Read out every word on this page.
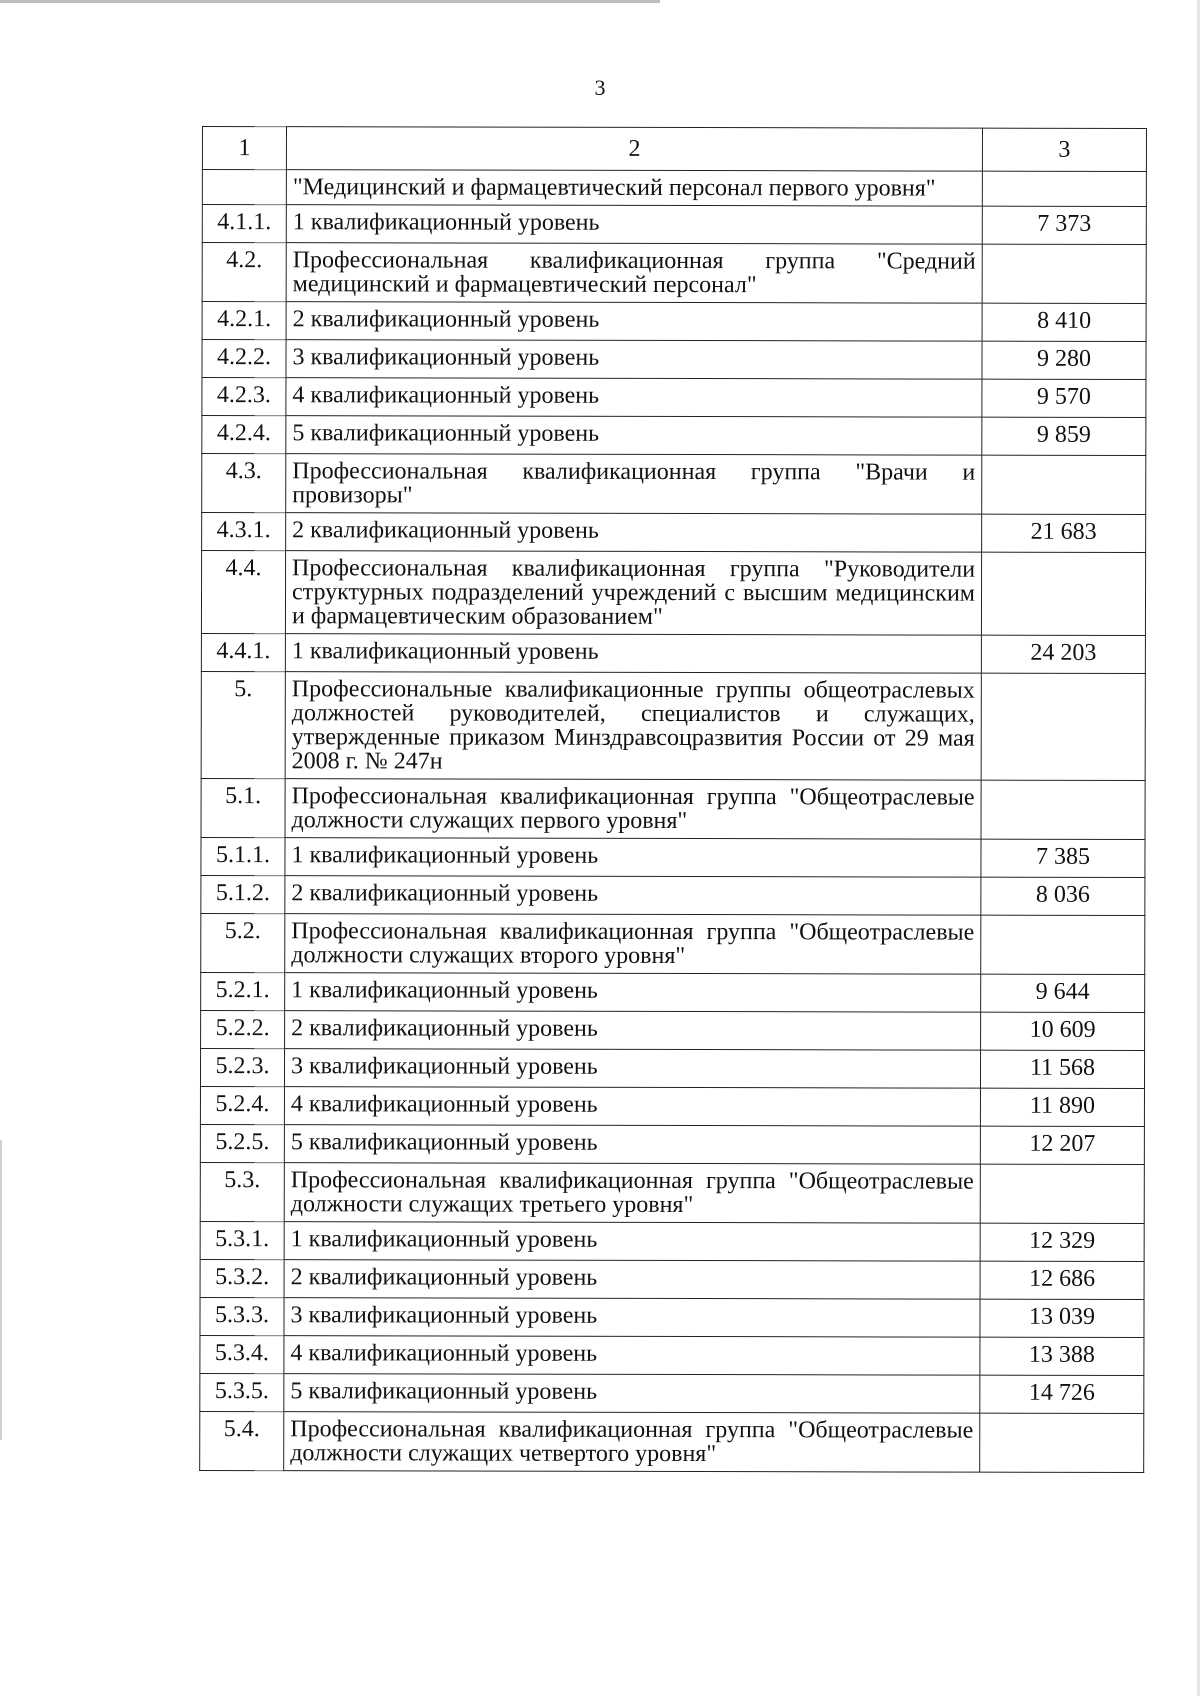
3
1	2	3
	"Медицинский и фармацевтический персонал первого уровня"	
4.1.1.	1 квалификационный уровень	7 373
4.2.	Профессиональная квалификационная группа "Средний медицинский и фармацевтический персонал"	
4.2.1.	2 квалификационный уровень	8 410
4.2.2.	3 квалификационный уровень	9 280
4.2.3.	4 квалификационный уровень	9 570
4.2.4.	5 квалификационный уровень	9 859
4.3.	Профессиональная квалификационная группа "Врачи и провизоры"	
4.3.1.	2 квалификационный уровень	21 683
4.4.	Профессиональная квалификационная группа "Руководители структурных подразделений учреждений с высшим медицинским и фармацевтическим образованием"	
4.4.1.	1 квалификационный уровень	24 203
5.	Профессиональные квалификационные группы общеотраслевых должностей руководителей, специалистов и служащих, утвержденные приказом Минздравсоцразвития России от 29 мая 2008 г. № 247н	
5.1.	Профессиональная квалификационная группа "Общеотраслевые должности служащих первого уровня"	
5.1.1.	1 квалификационный уровень	7 385
5.1.2.	2 квалификационный уровень	8 036
5.2.	Профессиональная квалификационная группа "Общеотраслевые должности служащих второго уровня"	
5.2.1.	1 квалификационный уровень	9 644
5.2.2.	2 квалификационный уровень	10 609
5.2.3.	3 квалификационный уровень	11 568
5.2.4.	4 квалификационный уровень	11 890
5.2.5.	5 квалификационный уровень	12 207
5.3.	Профессиональная квалификационная группа "Общеотраслевые должности служащих третьего уровня"	
5.3.1.	1 квалификационный уровень	12 329
5.3.2.	2 квалификационный уровень	12 686
5.3.3.	3 квалификационный уровень	13 039
5.3.4.	4 квалификационный уровень	13 388
5.3.5.	5 квалификационный уровень	14 726
5.4.	Профессиональная квалификационная группа "Общеотраслевые должности служащих четвертого уровня"	
